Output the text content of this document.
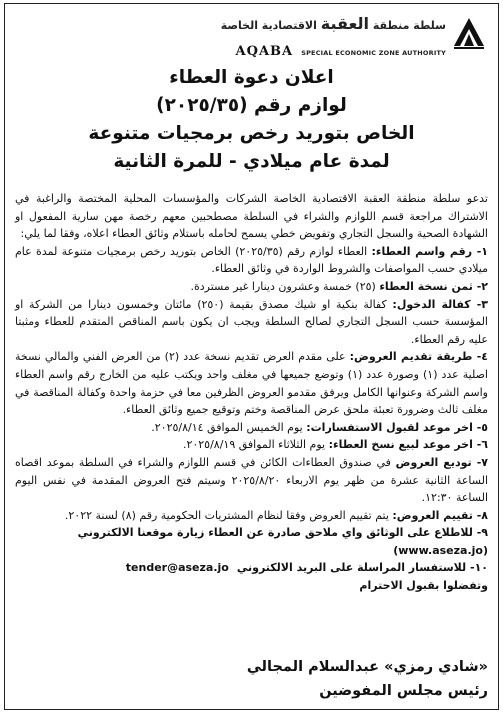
سلطة منطقة العقبة الاقتصادية الخاصة
AQABA SPECIAL ECONOMIC ZONE AUTHORITY
اعلان دعوة العطاء
لوازم رقم (٢٠٢٥/٣٥)
الخاص بتوريد رخص برمجيات متنوعة
لمدة عام ميلادي - للمرة الثانية

تدعو سلطة منطقة العقبة الاقتصادية الخاصة الشركات والمؤسسات المحلية المختصة والراغبة في الاشتراك مراجعة قسم اللوازم والشراء في السلطة مصطحبين معهم رخصة مهن سارية المفعول او الشهادة الصحية والسجل التجاري وتفويض خطي يسمح لحامله باستلام وثائق العطاء اعلاه، وفقا لما يلي:

١- رقم واسم العطاء: العطاء لوازم رقم (٢٠٢٥/٣٥) الخاص بتوريد رخص برمجيات متنوعة لمدة عام ميلادي حسب المواصفات والشروط الواردة في وثائق العطاء.

٢- ثمن نسخة العطاء (٢٥) خمسة وعشرون دينارا غير مستردة.

٣- كفالة الدخول: كفالة بنكية او شيك مصدق بقيمة (٢٥٠) مائتان وخمسون دينارا من الشركة او المؤسسة حسب السجل التجاري لصالح السلطة ويجب ان يكون باسم المناقص المتقدم للعطاء ومثبتا عليه رقم العطاء.

٤- طريقة تقديم العروض: على مقدم العرض تقديم نسخة عدد (٢) من العرض الفني والمالي نسخة اصلية عدد (١) وصورة عدد (١) وتوضع جميعها في مغلف واحد ويكتب عليه من الخارج رقم واسم العطاء واسم الشركة وعنوانها الكامل ويرفق مقدمو العروض الظرفين معا في حزمة واحدة وكفالة المناقصة في مغلف ثالث وضرورة تعبئة ملحق عرض المناقصة وختم وتوقيع جميع وثائق العطاء.

٥- اخر موعد لقبول الاستفسارات: يوم الخميس الموافق ٢٠٢٥/٨/١٤.

٦- اخر موعد لبيع نسخ العطاء: يوم الثلاثاء الموافق ٢٠٢٥/٨/١٩.

٧- توديع العروض في صندوق العطاءات الكائن في قسم اللوازم والشراء في السلطة بموعد اقصاه الساعة الثانية عشرة من ظهر يوم الاربعاء ٢٠٢٥/٨/٢٠ وسيتم فتح العروض المقدمة في نفس اليوم الساعة ١٢:٣٠.

٨- تقييم العروض: يتم تقييم العروض وفقا لنظام المشتريات الحكومية رقم (٨) لسنة ٢٠٢٢.

٩- للاطلاع على الوثائق واي ملاحق صادرة عن العطاء زيارة موقعنا الالكتروني

(www.aseza.jo)

١٠- للاستفسار المراسلة على البريد الالكتروني
tender@aseza.jo

وتفضلوا بقبول الاحترام

«شادي رمزي» عبدالسلام المجالي
رئيس مجلس المفوضين
